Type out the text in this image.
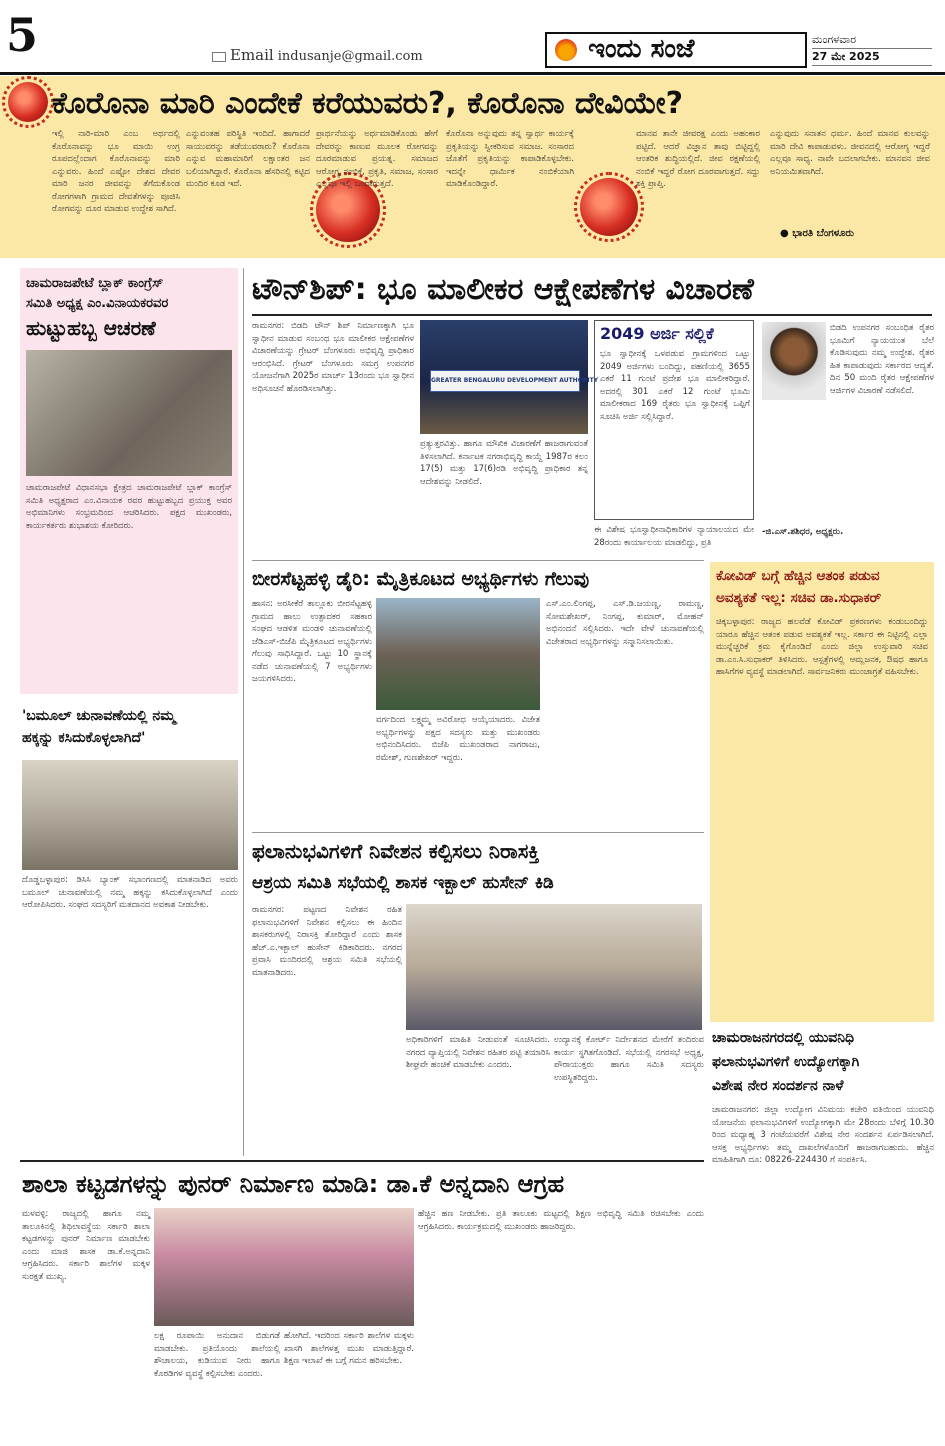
5	Email indusanje@gmail.com	ಇಂದು ಸಂಜೆ	ಮಂಗಳವಾರ
27 ಮೇ 2025
ಕೊರೊನಾ ಮಾರಿ ಎಂದೇಕೆ ಕರೆಯುವರು?, ಕೊರೊನಾ ದೇವಿಯೇ?
ಇಲ್ಲಿ ನಾರಿ-ಮಾರಿ ಎಂಬ ಅರ್ಥದಲ್ಲಿ ಕೊರೊನಾವನ್ನು ಭೂ ಮಾಯಿ ಉಗ್ರ ರೂಪದಲ್ಲೆಂದಾಗ ಕೊರೊನಾವನ್ನು ಮಾರಿ ಎನ್ನುವರು. ಹಿಂದೆ ಎಷ್ಟೋ ದೇಶದ ದೇವರ ಮಾರಿ ಜನರ ಜೀವವನ್ನು ತೆಗೆದುಕೊಂಡ ರೋಗಗಳಾಗಿ ಗ್ರಾಮದ ದೇವತೆಗಳನ್ನು ಪೂಜಿಸಿ ರೋಗವನ್ನು ದೂರ ಮಾಡುವ ಉದ್ದೇಶ ಸಾಗಿದೆ.
ಎನ್ನುವಂತಹ ಪರಿಸ್ಥಿತಿ ಇಂದಿದೆ. ಹಾಗಾದರೆ ಸಾಯುವರನ್ನು ತಡೆಯುವರಾರು? ಕೊರೊನಾ ಎನ್ನುವ ಮಹಾಮಾರಿಗೆ ಲಕ್ಷಾಂತರ ಜನ ಬಲಿಯಾಗಿದ್ದಾರೆ. ಕೊರೊನಾ ಹೆಸರಿನಲ್ಲಿ ಕಟ್ಟಿದ ಮಂದಿರ ಕೂಡ ಇದೆ.
ಪ್ರಾರ್ಥನೆಯನ್ನು ಅರ್ಥಮಾಡಿಕೊಂಡು ಹೇಗೆ ದೇವರನ್ನು ಕಾಣುವ ಮೂಲಕ ರೋಗವನ್ನು ದೂರಮಾಡುವ ಪ್ರಯತ್ನ. ಸಮಾಜದ ಆರೋಗ್ಯ ನಂಬಿಕೆ, ಪ್ರಕೃತಿ, ಸಮಾಜ, ಸಂಸಾರ ಎಲ್ಲವೂ ಇಲ್ಲಿ ಒಂದಾಗುತ್ತದೆ.
ಕೊರೊನಾ ಅನ್ನುವುದು ತನ್ನ ಸ್ವಾರ್ಥ ಕಾರ್ಯಕ್ಕೆ ಪ್ರಕೃತಿಯನ್ನು ಸ್ವೀಕರಿಸುವ ಸಮಾಜ. ಸಂಸಾರದ ಜೊತೆಗೆ ಪ್ರಕೃತಿಯನ್ನು ಕಾಪಾಡಿಕೊಳ್ಳಬೇಕು. ಇದನ್ನೇ ಧಾರ್ಮಿಕ ನಂಬಿಕೆಯಾಗಿ ಮಾಡಿಕೊಂಡಿದ್ದಾರೆ.
ಮಾನವ ತಾನೇ ಜೀವರಕ್ಷ ಎಂದು ಅಹಂಕಾರ ಪಟ್ಟಿದೆ. ಆದರೆ ವಿಜ್ಞಾನ ತಾವು ಬಿಟ್ಟಿದ್ದಲ್ಲಿ ಆಂತರಿಕ ಶುದ್ಧಿಯಲ್ಲಿದೆ. ಜೀವ ರಕ್ಷಣೆಯಲ್ಲಿ ನಂಬಿಕೆ ಇದ್ದರೆ ರೋಗ ದೂರವಾಗುತ್ತದೆ. ಸದ್ದು ಶಕ್ತಿ ಪ್ರಾಪ್ತಿ.
ಎನ್ನುವುದು ಸನಾತನ ಧರ್ಮ. ಹಿಂದೆ ಮಾನವ ಕುಲವನ್ನು ಮಾರಿ ದೇವಿ ಕಾಪಾಡುವಳು. ಜೀವನದಲ್ಲಿ ಆರೋಗ್ಯ ಇದ್ದರೆ ಎಲ್ಲವೂ ಸಾಧ್ಯ. ನಾವೇ ಬದಲಾಗಬೇಕು. ಮಾನವನ ಜೀವ ಅನಿಯಮಿತವಾಗಿದೆ.
● ಭಾರತಿ ಬೆಂಗಳೂರು
ಚಾಮರಾಜಪೇಟೆ ಬ್ಲಾಕ್ ಕಾಂಗ್ರೆಸ್
ಸಮಿತಿ ಅಧ್ಯಕ್ಷ ಎಂ.ವಿನಾಯಕರವರ
ಹುಟ್ಟುಹಬ್ಬ ಆಚರಣೆ
ಚಾಮರಾಜಪೇಟೆ ವಿಧಾನಸಭಾ ಕ್ಷೇತ್ರದ ಚಾಮರಾಜಪೇಟೆ ಬ್ಲಾಕ್ ಕಾಂಗ್ರೆಸ್ ಸಮಿತಿ ಅಧ್ಯಕ್ಷರಾದ ಎಂ.ವಿನಾಯಕ ರವರ ಹುಟ್ಟುಹಬ್ಬದ ಪ್ರಯುಕ್ತ ಅವರ ಅಭಿಮಾನಿಗಳು ಸಂಭ್ರಮದಿಂದ ಆಚರಿಸಿದರು. ಪಕ್ಷದ ಮುಖಂಡರು, ಕಾರ್ಯಕರ್ತರು ಶುಭಾಶಯ ಕೋರಿದರು.
'ಬಮೂಲ್ ಚುನಾವಣೆಯಲ್ಲಿ ನಮ್ಮ
ಹಕ್ಕನ್ನು ಕಸಿದುಕೊಳ್ಳಲಾಗಿದೆ'
ದೊಡ್ಡಬಳ್ಳಾಪುರ: ಡಿಸಿಸಿ ಬ್ಯಾಂಕ್ ಸಭಾಂಗಣದಲ್ಲಿ ಮಾತನಾಡಿದ ಅವರು ಬಮೂಲ್ ಚುನಾವಣೆಯಲ್ಲಿ ನಮ್ಮ ಹಕ್ಕನ್ನು ಕಸಿದುಕೊಳ್ಳಲಾಗಿದೆ ಎಂದು ಆರೋಪಿಸಿದರು. ಸಂಘದ ಸದಸ್ಯರಿಗೆ ಮತದಾನದ ಅವಕಾಶ ನೀಡಬೇಕು.
ಟೌನ್‌ಶಿಪ್: ಭೂ ಮಾಲೀಕರ ಆಕ್ಷೇಪಣೆಗಳ ವಿಚಾರಣೆ
ರಾಮನಗರ: ಬಿಡದಿ ಟೌನ್ ಶಿಪ್ ನಿರ್ಮಾಣಕ್ಕಾಗಿ ಭೂ ಸ್ವಾಧೀನ ಮಾಡುವ ಸಂಬಂಧ ಭೂ ಮಾಲೀಕರ ಆಕ್ಷೇಪಣೆಗಳ ವಿಚಾರಣೆಯನ್ನು ಗ್ರೇಟರ್ ಬೆಂಗಳೂರು ಅಭಿವೃದ್ಧಿ ಪ್ರಾಧಿಕಾರ ಆರಂಭಿಸಿದೆ. ಗ್ರೇಟರ್ ಬೆಂಗಳೂರು ಸಮಗ್ರ ಉಪನಗರ ಯೋಜನೆಗಾಗಿ 2025ರ ಮಾರ್ಚ್ 13ರಂದು ಭೂ ಸ್ವಾಧೀನ ಅಧಿಸೂಚನೆ ಹೊರಡಿಸಲಾಗಿತ್ತು.
GREATER BENGALURU DEVELOPMENT AUTHORITY
ಪ್ರತ್ಯುತ್ತರವಿತ್ತು. ಹಾಗೂ ಮೌಖಿಕ ವಿಚಾರಣೆಗೆ ಹಾಜರಾಗುವಂತೆ ತಿಳಿಸಲಾಗಿದೆ. ಕರ್ನಾಟಕ ನಗರಾಭಿವೃದ್ಧಿ ಕಾಯ್ದೆ 1987ರ ಕಲಂ 17(5) ಮತ್ತು 17(6)ರಡಿ ಅಭಿವೃದ್ಧಿ ಪ್ರಾಧಿಕಾರ ತನ್ನ ಆದೇಶವನ್ನು ನೀಡಲಿದೆ.
2049 ಅರ್ಜಿ ಸಲ್ಲಿಕೆ
ಭೂ ಸ್ವಾಧೀನಕ್ಕೆ ಒಳಪಡುವ ಗ್ರಾಮಗಳಿಂದ ಒಟ್ಟು 2049 ಅರ್ಜಿಗಳು ಬಂದಿದ್ದು, ಪಹಣಿಯಲ್ಲಿ 3655 ಎಕರೆ 11 ಗುಂಟೆ ಪ್ರದೇಶ ಭೂ ಮಾಲೀಕರಿದ್ದಾರೆ. ಅದರಲ್ಲಿ 301 ಎಕರೆ 12 ಗುಂಟೆ ಭೂಮಿ ಮಾಲೀಕರಾದ 169 ರೈತರು ಭೂ ಸ್ವಾಧೀನಕ್ಕೆ ಒಪ್ಪಿಗೆ ಸೂಚಿಸಿ ಅರ್ಜಿ ಸಲ್ಲಿಸಿದ್ದಾರೆ.
ಈ ವಿಶೇಷ ಭೂಸ್ವಾಧೀನಾಧಿಕಾರಿಗಳ ನ್ಯಾಯಾಲಯದ ಮೇ 28ರಂದು ಕಾರ್ಯಾಲಯ ಮಾಡಲಿದ್ದು, ಪ್ರತಿ
ಬಿಡದಿ ಉಪನಗರ ಸಂಬಂಧಿತ ರೈತರ ಭೂಮಿಗೆ ನ್ಯಾಯಯುತ ಬೆಲೆ ಕೊಡಿಸುವುದು ನಮ್ಮ ಉದ್ದೇಶ. ರೈತರ ಹಿತ ಕಾಪಾಡುವುದು ಸರ್ಕಾರದ ಆದ್ಯತೆ. ದಿನ 50 ಮಂದಿ ರೈತರ ಆಕ್ಷೇಪಣೆಗಳ ಆರ್ಜಿಗಳ ವಿಚಾರಣೆ ನಡೆಸಲಿದೆ.
-ಜಿ.ಎಸ್.ಶಶಿಧರ, ಅಧ್ಯಕ್ಷರು.
ಬೀರಸೆಟ್ಟಹಳ್ಳಿ ಡೈರಿ: ಮೈತ್ರಿಕೂಟದ ಅಭ್ಯರ್ಥಿಗಳು ಗೆಲುವು
ಹಾಸನ: ಅರಸೀಕೆರೆ ತಾಲ್ಲೂಕು ಬೀರಸೆಟ್ಟಹಳ್ಳಿ ಗ್ರಾಮದ ಹಾಲು ಉತ್ಪಾದಕರ ಸಹಕಾರ ಸಂಘದ ಆಡಳಿತ ಮಂಡಳಿ ಚುನಾವಣೆಯಲ್ಲಿ ಜೆಡಿಎಸ್-ಬಿಜೆಪಿ ಮೈತ್ರಿಕೂಟದ ಅಭ್ಯರ್ಥಿಗಳು ಗೆಲುವು ಸಾಧಿಸಿದ್ದಾರೆ. ಒಟ್ಟು 10 ಸ್ಥಾನಕ್ಕೆ ನಡೆದ ಚುನಾವಣೆಯಲ್ಲಿ 7 ಅಭ್ಯರ್ಥಿಗಳು ಜಯಗಳಿಸಿದರು.
ವರ್ಗದಿಂದ ಲಕ್ಷ್ಮಮ್ಮ ಅವಿರೋಧ ಆಯ್ಕೆಯಾದರು. ವಿಜೇತ ಅಭ್ಯರ್ಥಿಗಳನ್ನು ಪಕ್ಷದ ಸದಸ್ಯರು ಮತ್ತು ಮುಖಂಡರು ಅಭಿನಂದಿಸಿದರು. ಬಿಜೆಪಿ ಮುಖಂಡರಾದ ನಾಗರಾಜು, ರಮೇಶ್, ಗುಣಶೇಖರ್ ಇದ್ದರು.
ಎಸ್.ಎಂ.ಲಿಂಗಪ್ಪ, ಎಸ್.ಡಿ.ಜಯಣ್ಣ, ರಾಮಣ್ಣ, ಸೋಮಶೇಖರ್, ನಿಂಗಪ್ಪ, ಕುಮಾರ್, ಮೋಹನ್ ಅಭಿನಂದನೆ ಸಲ್ಲಿಸಿದರು. ಇದೇ ವೇಳೆ ಚುನಾವಣೆಯಲ್ಲಿ ವಿಜೇತರಾದ ಅಭ್ಯರ್ಥಿಗಳನ್ನು ಸನ್ಮಾನಿಸಲಾಯಿತು.
ಕೋವಿಡ್ ಬಗ್ಗೆ ಹೆಚ್ಚಿನ ಆತಂಕ ಪಡುವ
ಅವಶ್ಯಕತೆ ಇಲ್ಲ: ಸಚಿವ ಡಾ.ಸುಧಾಕರ್
ಚಿಕ್ಕಬಳ್ಳಾಪುರ: ರಾಜ್ಯದ ಹಲವೆಡೆ ಕೋವಿಡ್ ಪ್ರಕರಣಗಳು ಕಂಡುಬಂದಿದ್ದು ಯಾರೂ ಹೆಚ್ಚಿನ ಆತಂಕ ಪಡುವ ಅವಶ್ಯಕತೆ ಇಲ್ಲ. ಸರ್ಕಾರ ಈ ನಿಟ್ಟಿನಲ್ಲಿ ಎಲ್ಲಾ ಮುನ್ನೆಚ್ಚರಿಕೆ ಕ್ರಮ ಕೈಗೊಂಡಿದೆ ಎಂದು ಜಿಲ್ಲಾ ಉಸ್ತುವಾರಿ ಸಚಿವ ಡಾ.ಎಂ.ಸಿ.ಸುಧಾಕರ್ ತಿಳಿಸಿದರು. ಆಸ್ಪತ್ರೆಗಳಲ್ಲಿ ಆಮ್ಲಜನಕ, ಔಷಧ ಹಾಗೂ ಹಾಸಿಗೆಗಳ ವ್ಯವಸ್ಥೆ ಮಾಡಲಾಗಿದೆ. ಸಾರ್ವಜನಿಕರು ಮುಂಜಾಗ್ರತೆ ವಹಿಸಬೇಕು.
ಫಲಾನುಭವಿಗಳಿಗೆ ನಿವೇಶನ ಕಲ್ಪಿಸಲು ನಿರಾಸಕ್ತಿ
ಆಶ್ರಯ ಸಮಿತಿ ಸಭೆಯಲ್ಲಿ ಶಾಸಕ ಇಕ್ಬಾಲ್ ಹುಸೇನ್ ಕಿಡಿ
ರಾಮನಗರ: ಪಟ್ಟಣದ ನಿವೇಶನ ರಹಿತ ಫಲಾನುಭವಿಗಳಿಗೆ ನಿವೇಶನ ಕಲ್ಪಿಸಲು ಈ ಹಿಂದಿನ ಶಾಸಕರುಗಳಲ್ಲಿ ನಿರಾಸಕ್ತಿ ತೋರಿದ್ದಾರೆ ಎಂದು ಶಾಸಕ ಹೆಚ್.ಎ.ಇಕ್ಬಾಲ್ ಹುಸೇನ್ ಕಿಡಿಕಾರಿದರು. ನಗರದ ಪ್ರವಾಸಿ ಮಂದಿರದಲ್ಲಿ ಆಶ್ರಯ ಸಮಿತಿ ಸಭೆಯಲ್ಲಿ ಮಾತನಾಡಿದರು.
ಅಧಿಕಾರಿಗಳಿಗೆ ಮಾಹಿತಿ ನೀಡುವಂತೆ ಸೂಚಿಸಿದರು. ನಗರದ ವ್ಯಾಪ್ತಿಯಲ್ಲಿ ನಿವೇಶನ ರಹಿತರ ಪಟ್ಟಿ ತಯಾರಿಸಿ ಶೀಘ್ರವೇ ಹಂಚಿಕೆ ಮಾಡಬೇಕು ಎಂದರು.
ಉದ್ಯಾನಕ್ಕೆ ಕೋರ್ಟ್ ನಿರ್ದೇಶನದ ಮೇರೆಗೆ ತಂದಿರುವ ಕಾರ್ಯ ಸ್ಥಗಿತಗೊಂಡಿದೆ. ಸಭೆಯಲ್ಲಿ ನಗರಸಭೆ ಅಧ್ಯಕ್ಷ, ಪೌರಾಯುಕ್ತರು ಹಾಗೂ ಸಮಿತಿ ಸದಸ್ಯರು ಉಪಸ್ಥಿತರಿದ್ದರು.
ಚಾಮರಾಜನಗರದಲ್ಲಿ ಯುವನಿಧಿ
ಫಲಾನುಭವಿಗಳಿಗೆ ಉದ್ಯೋಗಕ್ಕಾಗಿ
ವಿಶೇಷ ನೇರ ಸಂದರ್ಶನ ನಾಳೆ
ಚಾಮರಾಜನಗರ: ಜಿಲ್ಲಾ ಉದ್ಯೋಗ ವಿನಿಮಯ ಕಚೇರಿ ವತಿಯಿಂದ ಯುವನಿಧಿ ಯೋಜನೆಯ ಫಲಾನುಭವಿಗಳಿಗೆ ಉದ್ಯೋಗಕ್ಕಾಗಿ ಮೇ 28ರಂದು ಬೆಳಿಗ್ಗೆ 10.30 ರಿಂದ ಮಧ್ಯಾಹ್ನ 3 ಗಂಟೆಯವರೆಗೆ ವಿಶೇಷ ನೇರ ಸಂದರ್ಶನ ಏರ್ಪಡಿಸಲಾಗಿದೆ. ಆಸಕ್ತ ಅಭ್ಯರ್ಥಿಗಳು ತಮ್ಮ ದಾಖಲೆಗಳೊಂದಿಗೆ ಹಾಜರಾಗಬಹುದು. ಹೆಚ್ಚಿನ ಮಾಹಿತಿಗಾಗಿ ದೂ: 08226-224430 ಗೆ ಸಂಪರ್ಕಿಸಿ.
ಶಾಲಾ ಕಟ್ಟಡಗಳನ್ನು ಪುನರ್ ನಿರ್ಮಾಣ ಮಾಡಿ: ಡಾ.ಕೆ ಅನ್ನದಾನಿ ಆಗ್ರಹ
ಮಳವಳ್ಳಿ: ರಾಜ್ಯದಲ್ಲಿ ಹಾಗೂ ನಮ್ಮ ತಾಲೂಕಿನಲ್ಲಿ ಶಿಥಿಲಾವಸ್ಥೆಯ ಸರ್ಕಾರಿ ಶಾಲಾ ಕಟ್ಟಡಗಳನ್ನು ಪುನರ್ ನಿರ್ಮಾಣ ಮಾಡಬೇಕು ಎಂದು ಮಾಜಿ ಶಾಸಕ ಡಾ.ಕೆ.ಅನ್ನದಾನಿ ಆಗ್ರಹಿಸಿದರು. ಸರ್ಕಾರಿ ಶಾಲೆಗಳ ಮಕ್ಕಳ ಸುರಕ್ಷತೆ ಮುಖ್ಯ.
ಲಕ್ಷ ರೂಪಾಯಿ ಅನುದಾನ ಬಿಡುಗಡೆ ಮಾಡಬೇಕು. ಪ್ರತಿಯೊಂದು ಶಾಲೆಯಲ್ಲಿ ಶೌಚಾಲಯ, ಕುಡಿಯುವ ನೀರು ಹಾಗೂ ಕೊಠಡಿಗಳ ವ್ಯವಸ್ಥೆ ಕಲ್ಪಿಸಬೇಕು ಎಂದರು.
ಹೋಗಿದೆ. ಇದರಿಂದ ಸರ್ಕಾರಿ ಶಾಲೆಗಳ ಮಕ್ಕಳು ಖಾಸಗಿ ಶಾಲೆಗಳತ್ತ ಮುಖ ಮಾಡುತ್ತಿದ್ದಾರೆ. ಶಿಕ್ಷಣ ಇಲಾಖೆ ಈ ಬಗ್ಗೆ ಗಮನ ಹರಿಸಬೇಕು.
ಹೆಚ್ಚಿನ ಹಣ ನೀಡಬೇಕು. ಪ್ರತಿ ತಾಲೂಕು ಮಟ್ಟದಲ್ಲಿ ಶಿಕ್ಷಣ ಅಭಿವೃದ್ಧಿ ಸಮಿತಿ ರಚಿಸಬೇಕು ಎಂದು ಆಗ್ರಹಿಸಿದರು. ಕಾರ್ಯಕ್ರಮದಲ್ಲಿ ಮುಖಂಡರು ಹಾಜರಿದ್ದರು.
